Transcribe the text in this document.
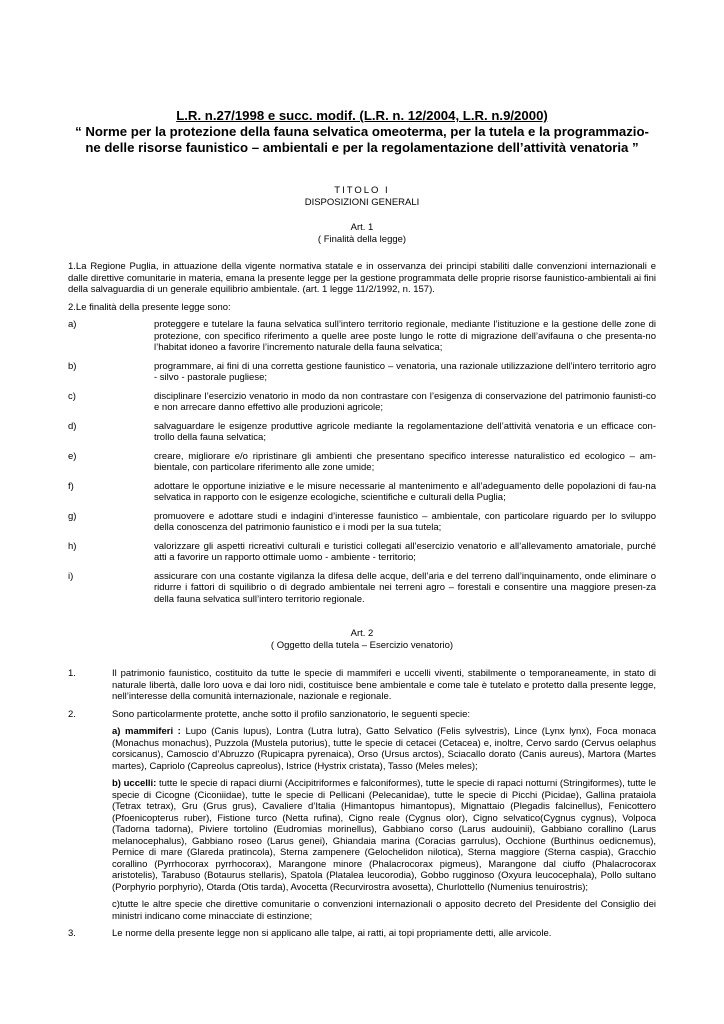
L.R. n.27/1998 e succ. modif. (L.R. n. 12/2004, L.R. n.9/2000)
“ Norme per la protezione della fauna selvatica omeoterma, per la tutela e la programmazio-
ne delle risorse faunistico – ambientali e per la regolamentazione dell’attività venatoria ”
TITOLO I
DISPOSIZIONI GENERALI
Art. 1
( Finalità della legge)

1.La Regione Puglia, in attuazione della vigente normativa statale e in osservanza dei principi stabiliti dalle convenzioni internazionali e dalle direttive comunitarie in materia, emana la presente legge per la gestione programmata delle proprie risorse faunistico-ambientali ai fini della salvaguardia di un generale equilibrio ambientale. (art. 1 legge 11/2/1992, n. 157).

2.Le finalità della presente legge sono:

a)	proteggere e tutelare la fauna selvatica sull’intero territorio regionale, mediante l’istituzione e la gestione delle zone di protezione, con specifico riferimento a quelle aree poste lungo le rotte di migrazione dell’avifauna o che presenta-no l’habitat idoneo a favorire l’incremento naturale della fauna selvatica;
b)	programmare, ai fini di una corretta gestione faunistico – venatoria, una razionale utilizzazione dell’intero territorio agro - silvo - pastorale pugliese;
c)	disciplinare l’esercizio venatorio in modo da non contrastare con l’esigenza di conservazione del patrimonio faunisti-co e non arrecare danno effettivo alle produzioni agricole;
d)	salvaguardare le esigenze produttive agricole mediante la regolamentazione dell’attività venatoria e un efficace con-trollo della fauna selvatica;
e)	creare, migliorare e/o ripristinare gli ambienti che presentano specifico interesse naturalistico ed ecologico – am-bientale, con particolare riferimento alle zone umide;
f)	adottare le opportune iniziative e le misure necessarie al mantenimento e all’adeguamento delle popolazioni di fau-na selvatica in rapporto con le esigenze ecologiche, scientifiche e culturali della Puglia;
g)	promuovere e adottare studi e indagini d’interesse faunistico – ambientale, con particolare riguardo per lo sviluppo della conoscenza del patrimonio faunistico e i modi per la sua tutela;
h)	valorizzare gli aspetti ricreativi culturali e turistici collegati all’esercizio venatorio e all’allevamento amatoriale, purché atti a favorire un rapporto ottimale uomo - ambiente - territorio;
i)	assicurare con una costante vigilanza la difesa delle acque, dell’aria e del terreno dall’inquinamento, onde eliminare o ridurre i fattori di squilibrio o di degrado ambientale nei terreni agro – forestali e consentire una maggiore presen-za della fauna selvatica sull’intero territorio regionale.
Art. 2
( Oggetto della tutela – Esercizio venatorio)
1.	Il patrimonio faunistico, costituito da tutte le specie di mammiferi e uccelli viventi, stabilmente o temporaneamente, in stato di naturale libertà, dalle loro uova e dai loro nidi, costituisce bene ambientale e come tale è tutelato e protetto dalla presente legge, nell’interesse della comunità internazionale, nazionale e regionale.
2.	Sono particolarmente protette, anche sotto il profilo sanzionatorio, le seguenti specie:
a) mammiferi : Lupo (Canis lupus), Lontra (Lutra lutra), Gatto Selvatico (Felis sylvestris), Lince (Lynx lynx), Foca monaca (Monachus monachus), Puzzola (Mustela putorius), tutte le specie di cetacei (Cetacea) e, inoltre, Cervo sardo (Cervus oelaphus corsicanus), Camoscio d’Abruzzo (Rupicapra pyrenaica), Orso (Ursus arctos), Sciacallo dorato (Canis aureus), Martora (Martes martes), Capriolo (Capreolus capreolus), Istrice (Hystrix cristata), Tasso (Meles meles);
b) uccelli: tutte le specie di rapaci diurni (Accipitriformes e falconiformes), tutte le specie di rapaci notturni (Stringiformes), tutte le specie di Cicogne (Ciconiidae), tutte le specie di Pellicani (Pelecanidae), tutte le specie di Picchi (Picidae), Gallina prataiola (Tetrax tetrax), Gru (Grus grus), Cavaliere d’Italia (Himantopus himantopus), Mignattaio (Plegadis falcinellus), Fenicottero (Pfoenicopterus ruber), Fistione turco (Netta rufina), Cigno reale (Cygnus olor), Cigno selvatico(Cygnus cygnus), Volpoca (Tadorna tadorna), Piviere tortolino (Eudromias morinellus), Gabbiano corso (Larus audouinii), Gabbiano corallino (Larus melanocephalus), Gabbiano roseo (Larus genei), Ghiandaia marina (Coracias garrulus), Occhione (Burthinus oedicnemus), Pernice di mare (Glareda pratincola), Sterna zampenere (Gelochelidon nilotica), Sterna maggiore (Sterna caspia), Gracchio corallino (Pyrrhocorax pyrrhocorax), Marangone minore (Phalacrocorax pigmeus), Marangone dal ciuffo (Phalacrocorax aristotelis), Tarabuso (Botaurus stellaris), Spatola (Platalea leucorodia), Gobbo rugginoso (Oxyura leucocephala), Pollo sultano (Porphyrio porphyrio), Otarda (Otis tarda), Avocetta (Recurvirostra avosetta), Churlottello (Numenius tenuirostris);
c)tutte le altre specie che direttive comunitarie o convenzioni internazionali o apposito decreto del Presidente del Consiglio dei ministri indicano come minacciate di estinzione;
3.	Le norme della presente legge non si applicano alle talpe, ai ratti, ai topi propriamente detti, alle arvicole.
